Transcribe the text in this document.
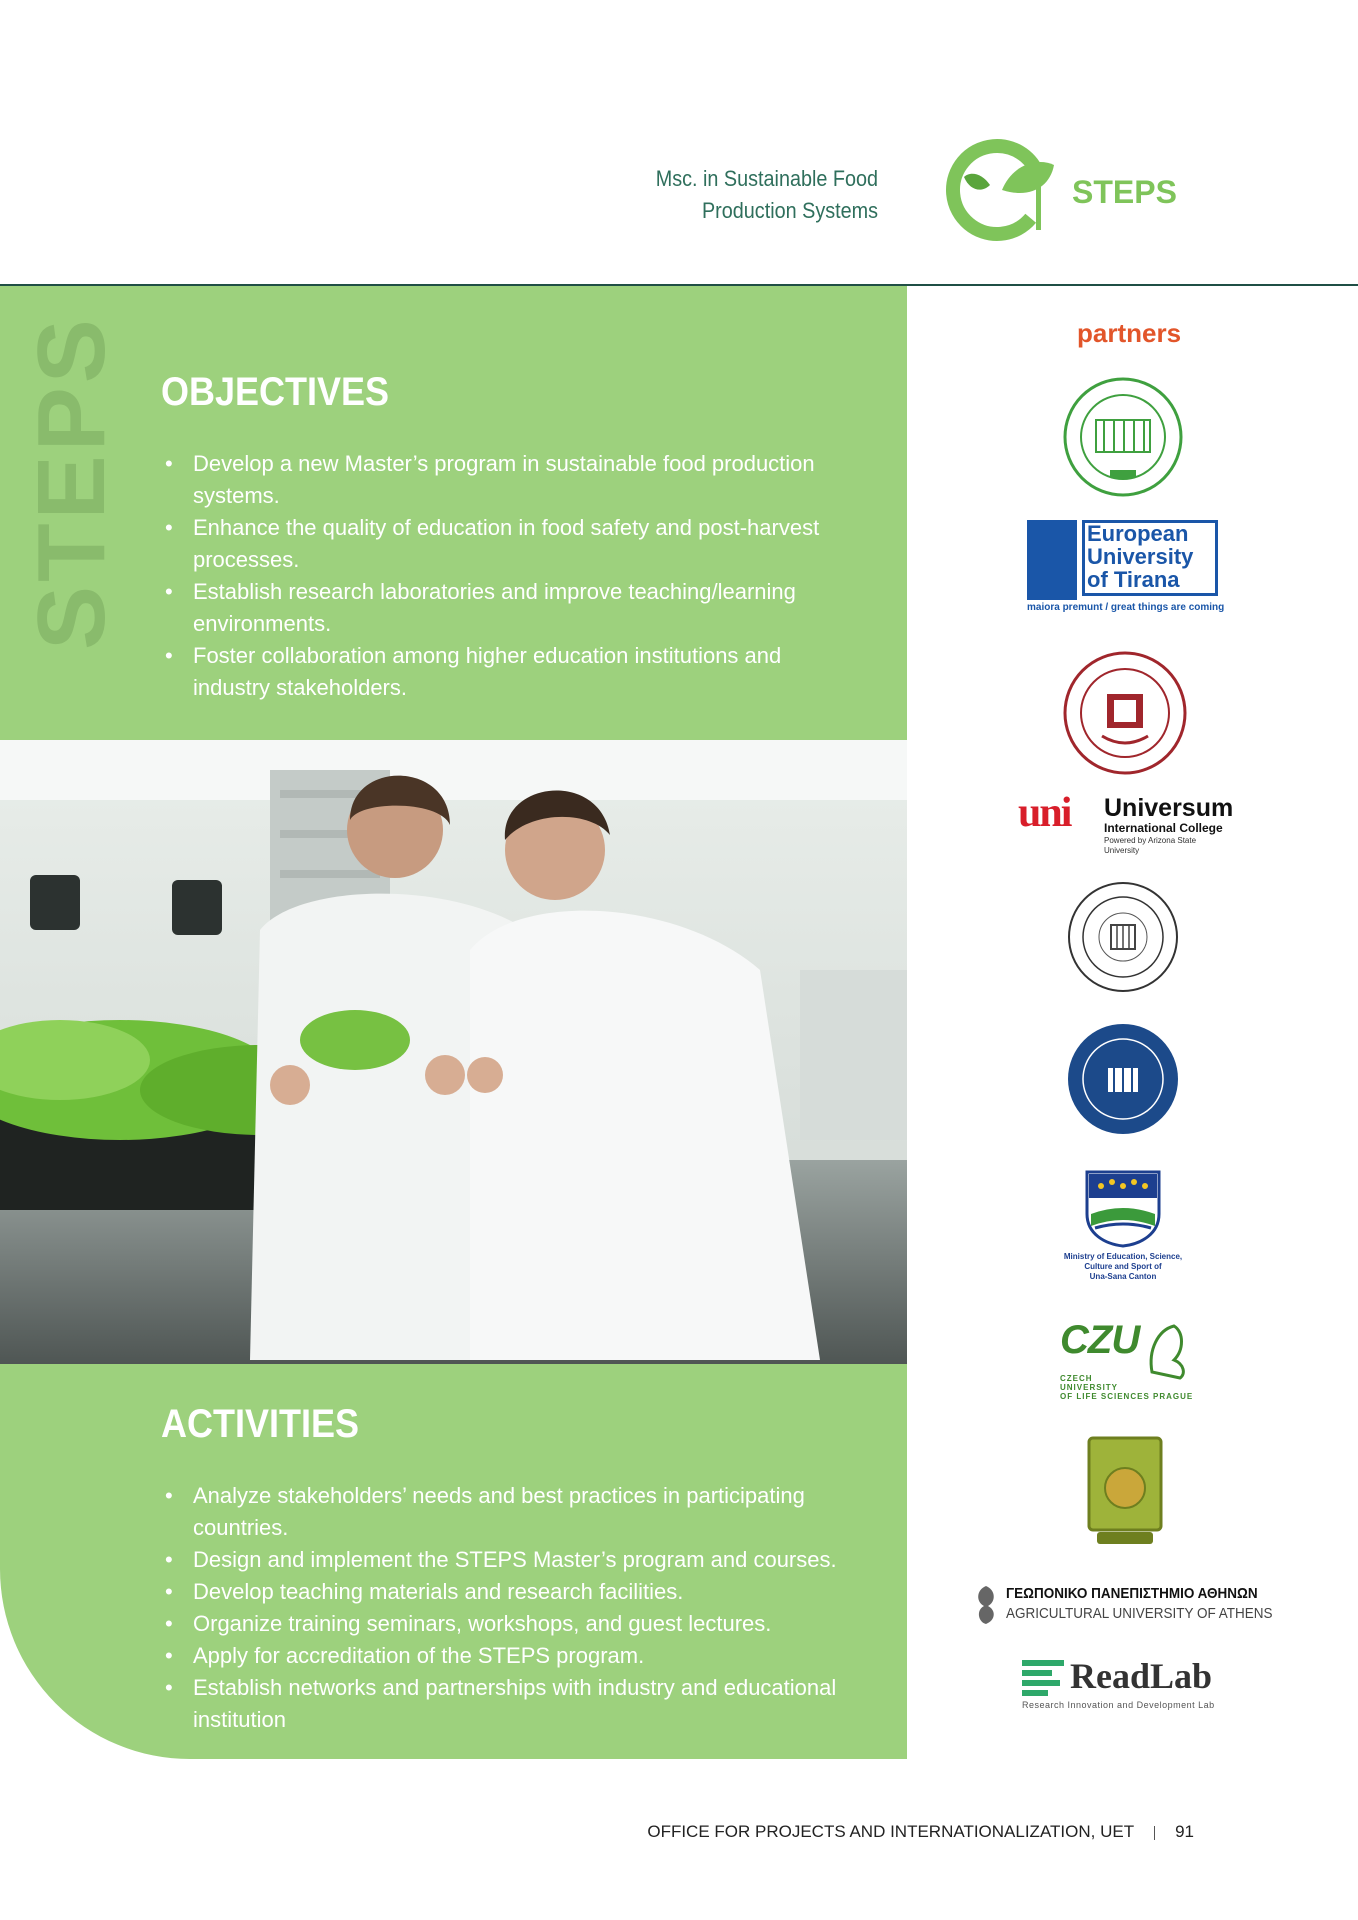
Msc. in Sustainable Food
Production Systems
STEPS
STEPS OBJECTIVES
• Develop a new Master’s program in sustainable food production systems.
• Enhance the quality of education in food safety and post-harvest processes.
• Establish research laboratories and improve teaching/learning environments.
• Foster collaboration among higher education institutions and industry stakeholders.
ACTIVITIES
• Analyze stakeholders’ needs and best practices in participating countries.
• Design and implement the STEPS Master’s program and courses.
• Develop teaching materials and research facilities.
• Organize training seminars, workshops, and guest lectures.
• Apply for accreditation of the STEPS program.
• Establish networks and partnerships with industry and educational institution
partners
European
University
of Tirana
maiora premunt / great things are coming
uni Universum
International College
Powered by Arizona State University
Ministry of Education, Science,
Culture and Sport of
Una-Sana Canton
CZU
CZECH
UNIVERSITY
OF LIFE SCIENCES PRAGUE
ΓΕΩΠΟΝΙΚΟ ΠΑΝΕΠΙΣΤΗΜΙΟ ΑΘΗΝΩΝ
AGRICULTURAL UNIVERSITY OF ATHENS
ReadLab
Research Innovation and Development Lab
OFFICE FOR PROJECTS AND INTERNATIONALIZATION, UET 91
